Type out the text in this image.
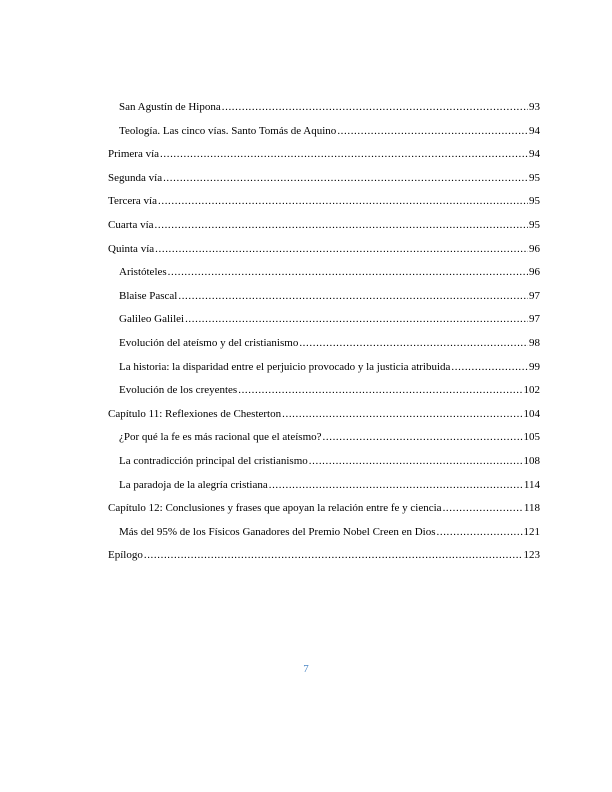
San Agustín de Hipona .....	93
Teología. Las cinco vías. Santo Tomás de Aquino .....	94
Primera vía .....	94
Segunda vía .....	95
Tercera vía .....	95
Cuarta vía .....	95
Quinta vía .....	96
Aristóteles .....	96
Blaise Pascal .....	97
Galileo Galilei .....	97
Evolución del ateísmo y del cristianismo .....	98
La historia: la disparidad entre el perjuicio provocado y la justicia atribuida .....	99
Evolución de los creyentes .....	102
Capítulo 11: Reflexiones de Chesterton .....	104
¿Por qué la fe es más racional que el ateísmo? .....	105
La contradicción principal del cristianismo .....	108
La paradoja de la alegría cristiana .....	114
Capítulo 12: Conclusiones y frases que apoyan la relación entre fe y ciencia .....	118
Más del 95% de los Físicos Ganadores del Premio Nobel Creen en Dios .....	121
Epílogo .....	123
7
